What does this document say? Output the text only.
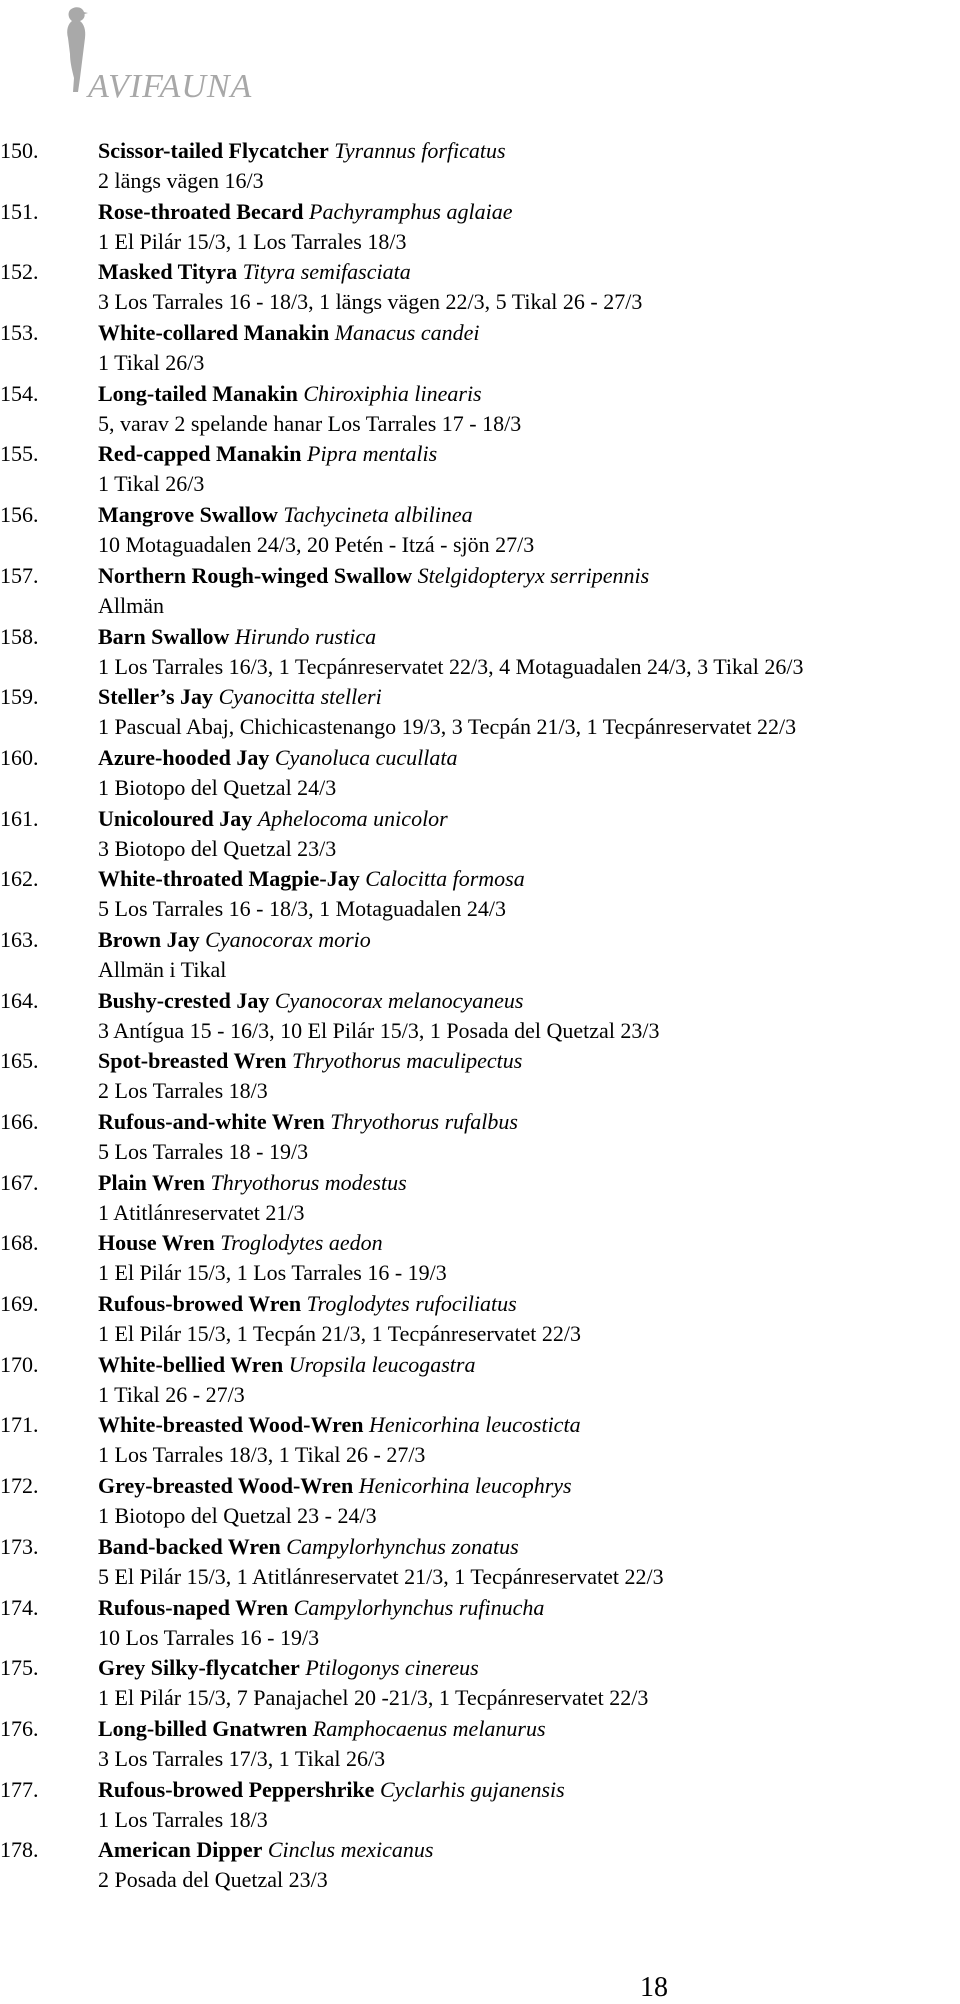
AVIFAUNA
150.	Scissor-tailed Flycatcher Tyrannus forficatus
2 längs vägen 16/3
151.	Rose-throated Becard Pachyramphus aglaiae
1 El Pilár 15/3, 1 Los Tarrales 18/3
152.	Masked Tityra Tityra semifasciata
3 Los Tarrales 16 - 18/3, 1 längs vägen 22/3, 5 Tikal 26 - 27/3
153.	White-collared Manakin Manacus candei
1 Tikal 26/3
154.	Long-tailed Manakin Chiroxiphia linearis
5, varav 2 spelande hanar Los Tarrales 17 - 18/3
155.	Red-capped Manakin Pipra mentalis
1 Tikal 26/3
156.	Mangrove Swallow Tachycineta albilinea
10 Motaguadalen 24/3, 20 Petén - Itzá - sjön 27/3
157.	Northern Rough-winged Swallow Stelgidopteryx serripennis
Allmän
158.	Barn Swallow Hirundo rustica
1 Los Tarrales 16/3, 1 Tecpánreservatet 22/3, 4 Motaguadalen 24/3, 3 Tikal 26/3
159.	Steller’s Jay Cyanocitta stelleri
1 Pascual Abaj, Chichicastenango 19/3, 3 Tecpán 21/3, 1 Tecpánreservatet 22/3
160.	Azure-hooded Jay Cyanoluca cucullata
1 Biotopo del Quetzal 24/3
161.	Unicoloured Jay Aphelocoma unicolor
3 Biotopo del Quetzal 23/3
162.	White-throated Magpie-Jay Calocitta formosa
5 Los Tarrales 16 - 18/3, 1 Motaguadalen 24/3
163.	Brown Jay Cyanocorax morio
Allmän i Tikal
164.	Bushy-crested Jay Cyanocorax melanocyaneus
3 Antígua 15 - 16/3, 10 El Pilár 15/3, 1 Posada del Quetzal 23/3
165.	Spot-breasted Wren Thryothorus maculipectus
2 Los Tarrales 18/3
166.	Rufous-and-white Wren Thryothorus rufalbus
5 Los Tarrales 18 - 19/3
167.	Plain Wren Thryothorus modestus
1 Atitlánreservatet 21/3
168.	House Wren Troglodytes aedon
1 El Pilár 15/3, 1 Los Tarrales 16 - 19/3
169.	Rufous-browed Wren Troglodytes rufociliatus
1 El Pilár 15/3, 1 Tecpán 21/3, 1 Tecpánreservatet 22/3
170.	White-bellied Wren Uropsila leucogastra
1 Tikal 26 - 27/3
171.	White-breasted Wood-Wren Henicorhina leucosticta
1 Los Tarrales 18/3, 1 Tikal 26 - 27/3
172.	Grey-breasted Wood-Wren Henicorhina leucophrys
1 Biotopo del Quetzal 23 - 24/3
173.	Band-backed Wren Campylorhynchus zonatus
5 El Pilár 15/3, 1 Atitlánreservatet 21/3, 1 Tecpánreservatet 22/3
174.	Rufous-naped Wren Campylorhynchus rufinucha
10 Los Tarrales 16 - 19/3
175.	Grey Silky-flycatcher Ptilogonys cinereus
1 El Pilár 15/3, 7 Panajachel 20 -21/3, 1 Tecpánreservatet 22/3
176.	Long-billed Gnatwren Ramphocaenus melanurus
3 Los Tarrales 17/3, 1 Tikal 26/3
177.	Rufous-browed Peppershrike Cyclarhis gujanensis
1 Los Tarrales 18/3
178.	American Dipper Cinclus mexicanus
2 Posada del Quetzal 23/3
18
